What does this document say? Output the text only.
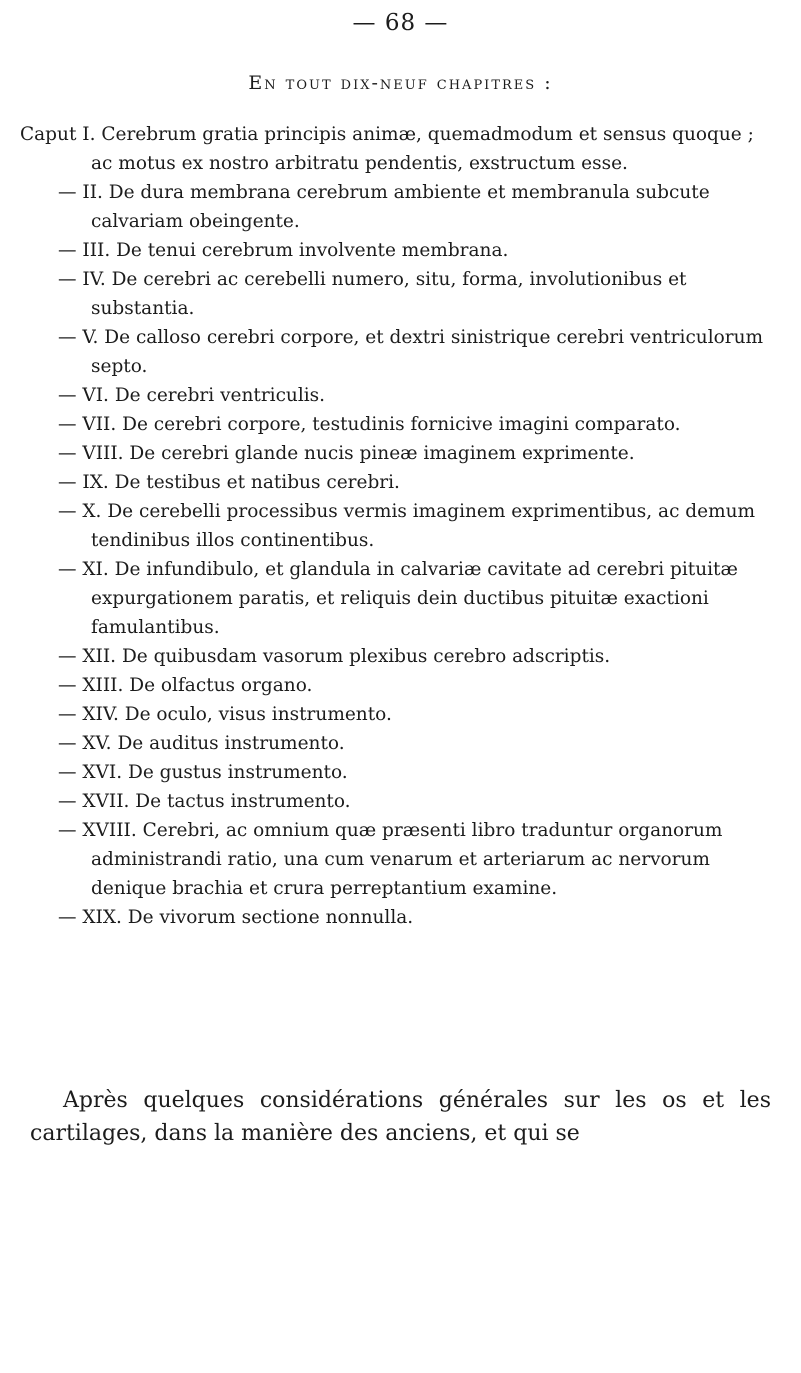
— 68 —
En tout dix-neuf chapitres :

Caput I. Cerebrum gratia principis animæ, quemadmodum et sensus quoque ; ac motus ex nostro arbitratu pendentis, exstructum esse.

— II. De dura membrana cerebrum ambiente et membranula subcute calvariam obeingente.

— III. De tenui cerebrum involvente membrana.

— IV. De cerebri ac cerebelli numero, situ, forma, involutionibus et substantia.

— V. De calloso cerebri corpore, et dextri sinistrique cerebri ventriculorum septo.

— VI. De cerebri ventriculis.

— VII. De cerebri corpore, testudinis fornicive imagini comparato.

— VIII. De cerebri glande nucis pineæ imaginem exprimente.

— IX. De testibus et natibus cerebri.

— X. De cerebelli processibus vermis imaginem exprimentibus, ac demum tendinibus illos continentibus.

— XI. De infundibulo, et glandula in calvariæ cavitate ad cerebri pituitæ expurgationem paratis, et reliquis dein ductibus pituitæ exactioni famulantibus.

— XII. De quibusdam vasorum plexibus cerebro adscriptis.

— XIII. De olfactus organo.

— XIV. De oculo, visus instrumento.

— XV. De auditus instrumento.

— XVI. De gustus instrumento.

— XVII. De tactus instrumento.

— XVIII. Cerebri, ac omnium quæ præsenti libro traduntur organorum administrandi ratio, una cum venarum et arteriarum ac nervorum denique brachia et crura perreptantium examine.

— XIX. De vivorum sectione nonnulla.

Après quelques considérations générales sur les os et les cartilages, dans la manière des anciens, et qui se
